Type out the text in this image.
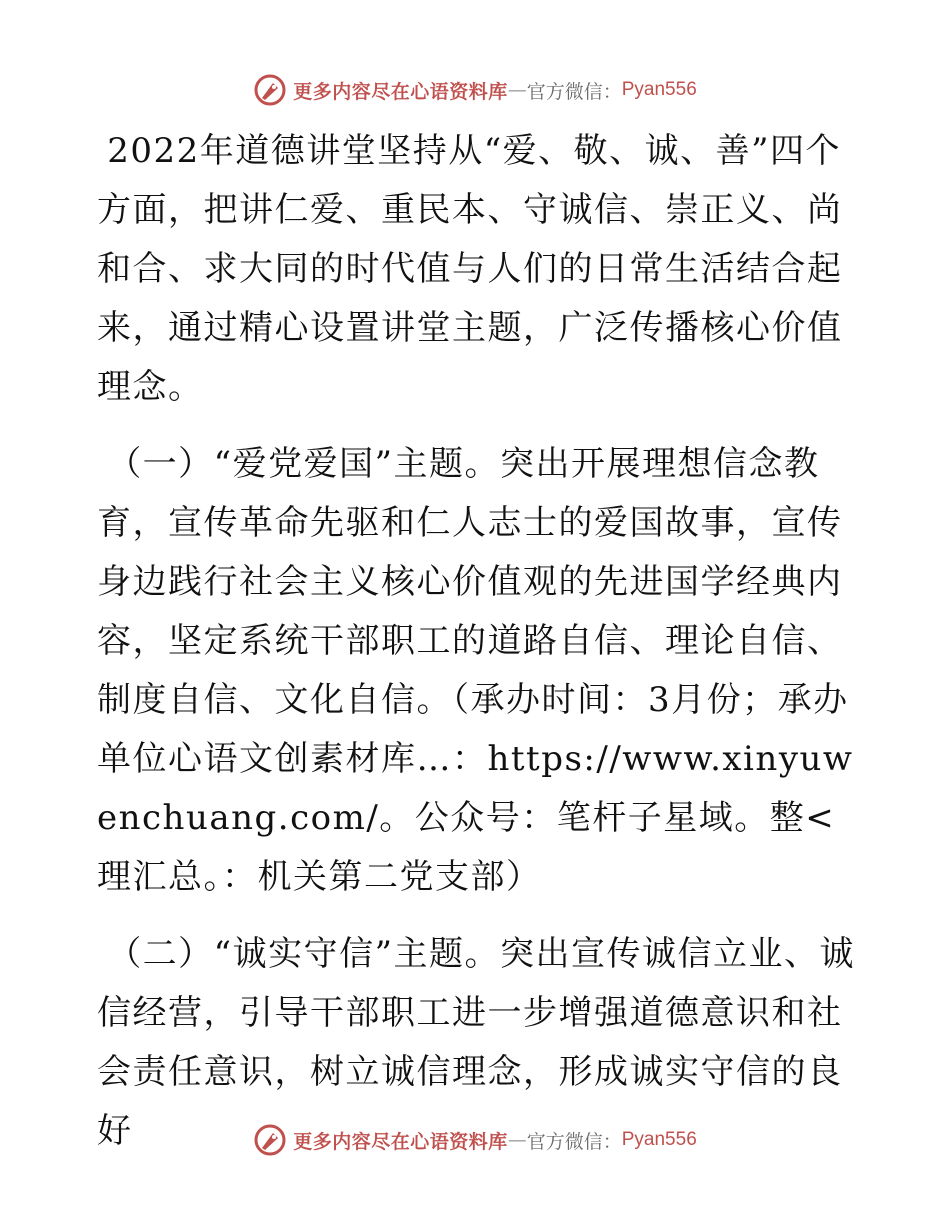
更多内容尽在心语资料库 — 官方微信： Pyan556

2022年道德讲堂坚持从“爱、敬、诚、善”四个方面，把讲仁爱、重民本、守诚信、崇正义、尚和合、求大同的时代值与人们的日常生活结合起来，通过精心设置讲堂主题，广泛传播核心价值理念。

（一）“爱党爱国”主题。突出开展理想信念教育，宣传革命先驱和仁人志士的爱国故事，宣传身边践行社会主义核心价值观的先进国学经典内容，坚定系统干部职工的道路自信、理论自信、制度自信、文化自信。（承办时间：3月份；承办单位心语文创素材库…：https://www.xinyuwenchuang.com/。公众号：笔杆子星域。整<理汇总。：机关第二党支部）

（二）“诚实守信”主题。突出宣传诚信立业、诚信经营，引导干部职工进一步增强道德意识和社会责任意识，树立诚信理念，形成诚实守信的良好	更多内容尽在心语资料库 — 官方微信： Pyan556
